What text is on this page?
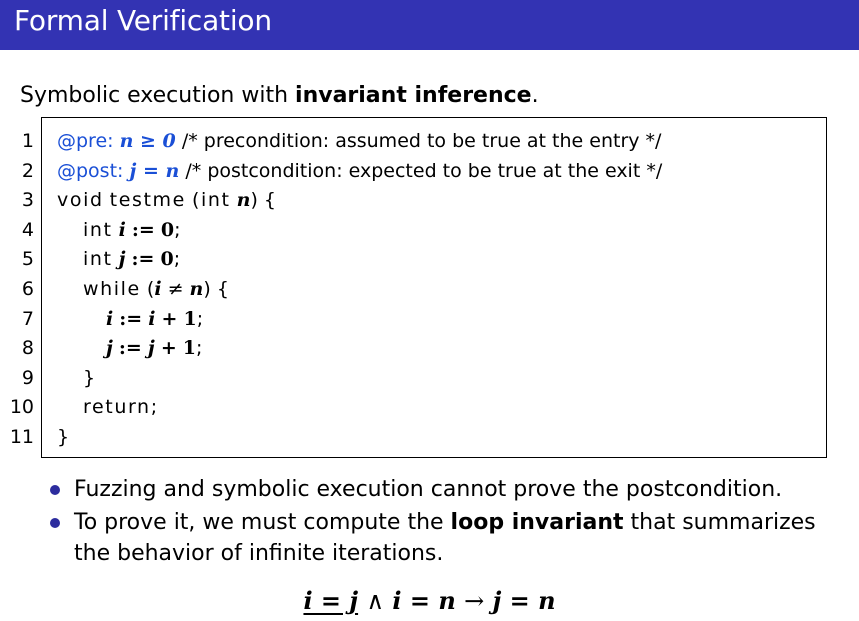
Formal Verification
Symbolic execution with invariant inference.
1
2
3
4
5
6
7
8
9
10
11
@pre: n ≥ 0 /* precondition: assumed to be true at the entry */
@post: j = n /* postcondition: expected to be true at the exit */
void testme (int n) {
int i := 0;
int j := 0;
while (i ≠ n) {
i := i + 1;
j := j + 1;
}
return;
}
Fuzzing and symbolic execution cannot prove the postcondition.
To prove it, we must compute the loop invariant that summarizes the behavior of infinite iterations.
i = j ∧ i = n → j = n
